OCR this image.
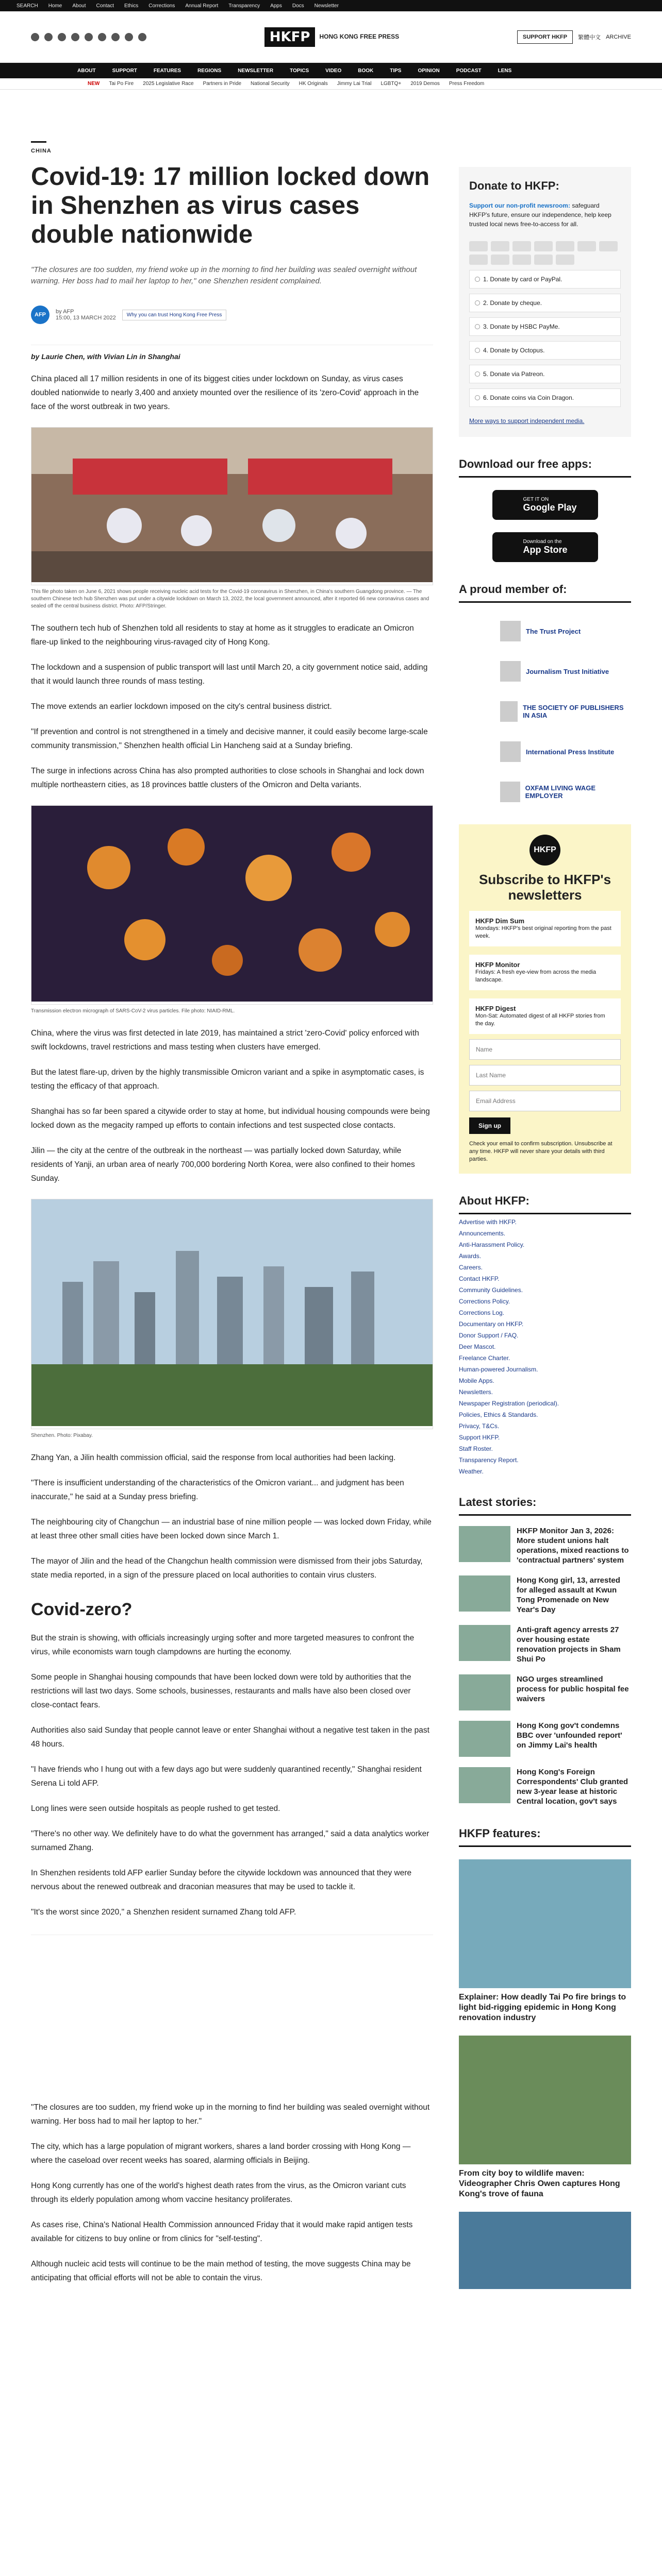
SEARCH Home About Contact Ethics Corrections Annual Report Transparency Apps Docs Newsletter
HKFP	HONG KONG FREE PRESS	SUPPORT HKFP	繁體中文 ARCHIVE
ABOUT	SUPPORT	FEATURES	REGIONS	NEWSLETTER	TOPICS	VIDEO	BOOK	TIPS	OPINION	PODCAST	LENS
NEW Tai Po Fire 2025 Legislative Race Partners in Pride National Security HK Originals Jimmy Lai Trial LGBTQ+ 2019 Demos Press Freedom
CHINA
Covid-19: 17 million locked down in Shenzhen as virus cases double nationwide
"The closures are too sudden, my friend woke up in the morning to find her building was sealed overnight without warning. Her boss had to mail her laptop to her," one Shenzhen resident complained.
AFP	by AFP
15:00, 13 MARCH 2022	Why you can trust Hong Kong Free Press
by Laurie Chen, with Vivian Lin in Shanghai

China placed all 17 million residents in one of its biggest cities under lockdown on Sunday, as virus cases doubled nationwide to nearly 3,400 and anxiety mounted over the resilience of its 'zero-Covid' approach in the face of the worst outbreak in two years.

This file photo taken on June 6, 2021 shows people receiving nucleic acid tests for the Covid-19 coronavirus in Shenzhen, in China's southern Guangdong province. — The southern Chinese tech hub Shenzhen was put under a citywide lockdown on March 13, 2022, the local government announced, after it reported 66 new coronavirus cases and sealed off the central business district. Photo: AFP/Stringer.

The southern tech hub of Shenzhen told all residents to stay at home as it struggles to eradicate an Omicron flare-up linked to the neighbouring virus-ravaged city of Hong Kong.

The lockdown and a suspension of public transport will last until March 20, a city government notice said, adding that it would launch three rounds of mass testing.

The move extends an earlier lockdown imposed on the city's central business district.

"If prevention and control is not strengthened in a timely and decisive manner, it could easily become large-scale community transmission," Shenzhen health official Lin Hancheng said at a Sunday briefing.

The surge in infections across China has also prompted authorities to close schools in Shanghai and lock down multiple northeastern cities, as 18 provinces battle clusters of the Omicron and Delta variants.

Transmission electron micrograph of SARS-CoV-2 virus particles. File photo: NIAID-RML.

China, where the virus was first detected in late 2019, has maintained a strict 'zero-Covid' policy enforced with swift lockdowns, travel restrictions and mass testing when clusters have emerged.

But the latest flare-up, driven by the highly transmissible Omicron variant and a spike in asymptomatic cases, is testing the efficacy of that approach.

Shanghai has so far been spared a citywide order to stay at home, but individual housing compounds were being locked down as the megacity ramped up efforts to contain infections and test suspected close contacts.

Jilin — the city at the centre of the outbreak in the northeast — was partially locked down Saturday, while residents of Yanji, an urban area of nearly 700,000 bordering North Korea, were also confined to their homes Sunday.

Shenzhen. Photo: Pixabay.

Zhang Yan, a Jilin health commission official, said the response from local authorities had been lacking.

"There is insufficient understanding of the characteristics of the Omicron variant... and judgment has been inaccurate," he said at a Sunday press briefing.

The neighbouring city of Changchun — an industrial base of nine million people — was locked down Friday, while at least three other small cities have been locked down since March 1.

The mayor of Jilin and the head of the Changchun health commission were dismissed from their jobs Saturday, state media reported, in a sign of the pressure placed on local authorities to contain virus clusters.

Covid-zero?

But the strain is showing, with officials increasingly urging softer and more targeted measures to confront the virus, while economists warn tough clampdowns are hurting the economy.

Some people in Shanghai housing compounds that have been locked down were told by authorities that the restrictions will last two days. Some schools, businesses, restaurants and malls have also been closed over close-contact fears.

Authorities also said Sunday that people cannot leave or enter Shanghai without a negative test taken in the past 48 hours.

"I have friends who I hung out with a few days ago but were suddenly quarantined recently," Shanghai resident Serena Li told AFP.

Long lines were seen outside hospitals as people rushed to get tested.

"There's no other way. We definitely have to do what the government has arranged," said a data analytics worker surnamed Zhang.

In Shenzhen residents told AFP earlier Sunday before the citywide lockdown was announced that they were nervous about the renewed outbreak and draconian measures that may be used to tackle it.

"It's the worst since 2020," a Shenzhen resident surnamed Zhang told AFP.

"The closures are too sudden, my friend woke up in the morning to find her building was sealed overnight without warning. Her boss had to mail her laptop to her."

The city, which has a large population of migrant workers, shares a land border crossing with Hong Kong — where the caseload over recent weeks has soared, alarming officials in Beijing.

Hong Kong currently has one of the world's highest death rates from the virus, as the Omicron variant cuts through its elderly population among whom vaccine hesitancy proliferates.

As cases rise, China's National Health Commission announced Friday that it would make rapid antigen tests available for citizens to buy online or from clinics for "self-testing".

Although nucleic acid tests will continue to be the main method of testing, the move suggests China may be anticipating that official efforts will not be able to contain the virus.

Donate to HKFP:
Support our non-profit newsroom: safeguard HKFP's future, ensure our independence, help keep trusted local news free-to-access for all.
1. Donate by card or PayPal.
2. Donate by cheque.
3. Donate by HSBC PayMe.
4. Donate by Octopus.
5. Donate via Patreon.
6. Donate coins via Coin Dragon.
More ways to support independent media.
Download our free apps:
GET IT ON
Google Play
Download on the
App Store
A proud member of:
The Trust Project
Journalism Trust Initiative
THE SOCIETY OF PUBLISHERS IN ASIA
International Press Institute
OXFAM LIVING WAGE EMPLOYER
HKFP
Subscribe to HKFP's newsletters
HKFP Dim Sum
Mondays: HKFP's best original reporting from the past week.
HKFP Monitor
Fridays: A fresh eye-view from across the media landscape.
HKFP Digest
Mon-Sat: Automated digest of all HKFP stories from the day.
Name
Last Name
Email Address
Sign up
Check your email to confirm subscription. Unsubscribe at any time. HKFP will never share your details with third parties.
About HKFP:
Advertise with HKFP.
Announcements.
Anti-Harassment Policy.
Awards.
Careers.
Contact HKFP.
Community Guidelines.
Corrections Policy.
Corrections Log.
Documentary on HKFP.
Donor Support / FAQ.
Deer Mascot.
Freelance Charter.
Human-powered Journalism.
Mobile Apps.
Newsletters.
Newspaper Registration (periodical).
Policies, Ethics & Standards.
Privacy, T&Cs.
Support HKFP.
Staff Roster.
Transparency Report.
Weather.
Latest stories:
HKFP Monitor Jan 3, 2026: More student unions halt operations, mixed reactions to 'contractual partners' system
Hong Kong girl, 13, arrested for alleged assault at Kwun Tong Promenade on New Year's Day
Anti-graft agency arrests 27 over housing estate renovation projects in Sham Shui Po
NGO urges streamlined process for public hospital fee waivers
Hong Kong gov't condemns BBC over 'unfounded report' on Jimmy Lai's health
Hong Kong's Foreign Correspondents' Club granted new 3-year lease at historic Central location, gov't says
HKFP features:
Explainer: How deadly Tai Po fire brings to light bid-rigging epidemic in Hong Kong renovation industry
From city boy to wildlife maven: Videographer Chris Owen captures Hong Kong's trove of fauna
